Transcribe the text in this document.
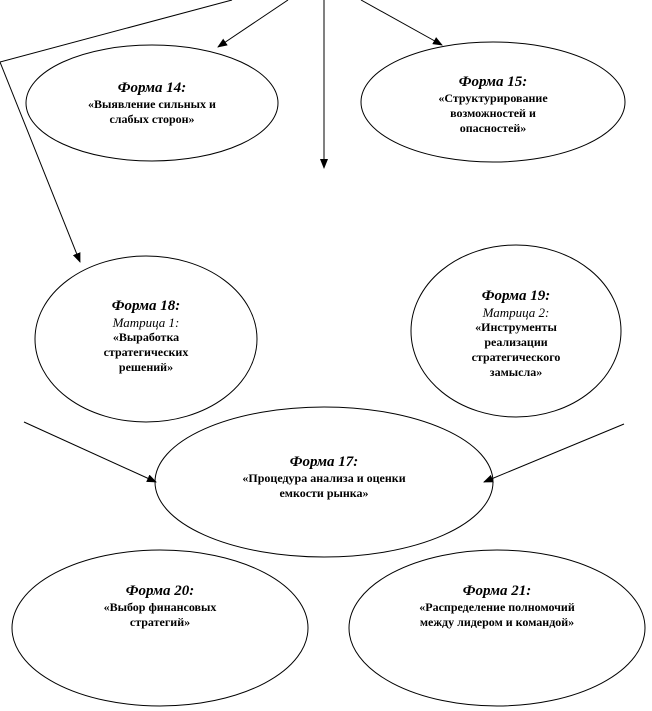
Форма 14:
«Выявление сильных и
слабых сторон»
Форма 15:
«Структурирование
возможностей и
опасностей»
Форма 18:
Матрица 1:
«Выработка
стратегических
решений»
Форма 19:
Матрица 2:
«Инструменты
реализации
стратегического
замысла»
Форма 17:
«Процедура анализа и оценки
емкости рынка»
Форма 20:
«Выбор финансовых
стратегий»
Форма 21:
«Распределение полномочий
между лидером и командой»
